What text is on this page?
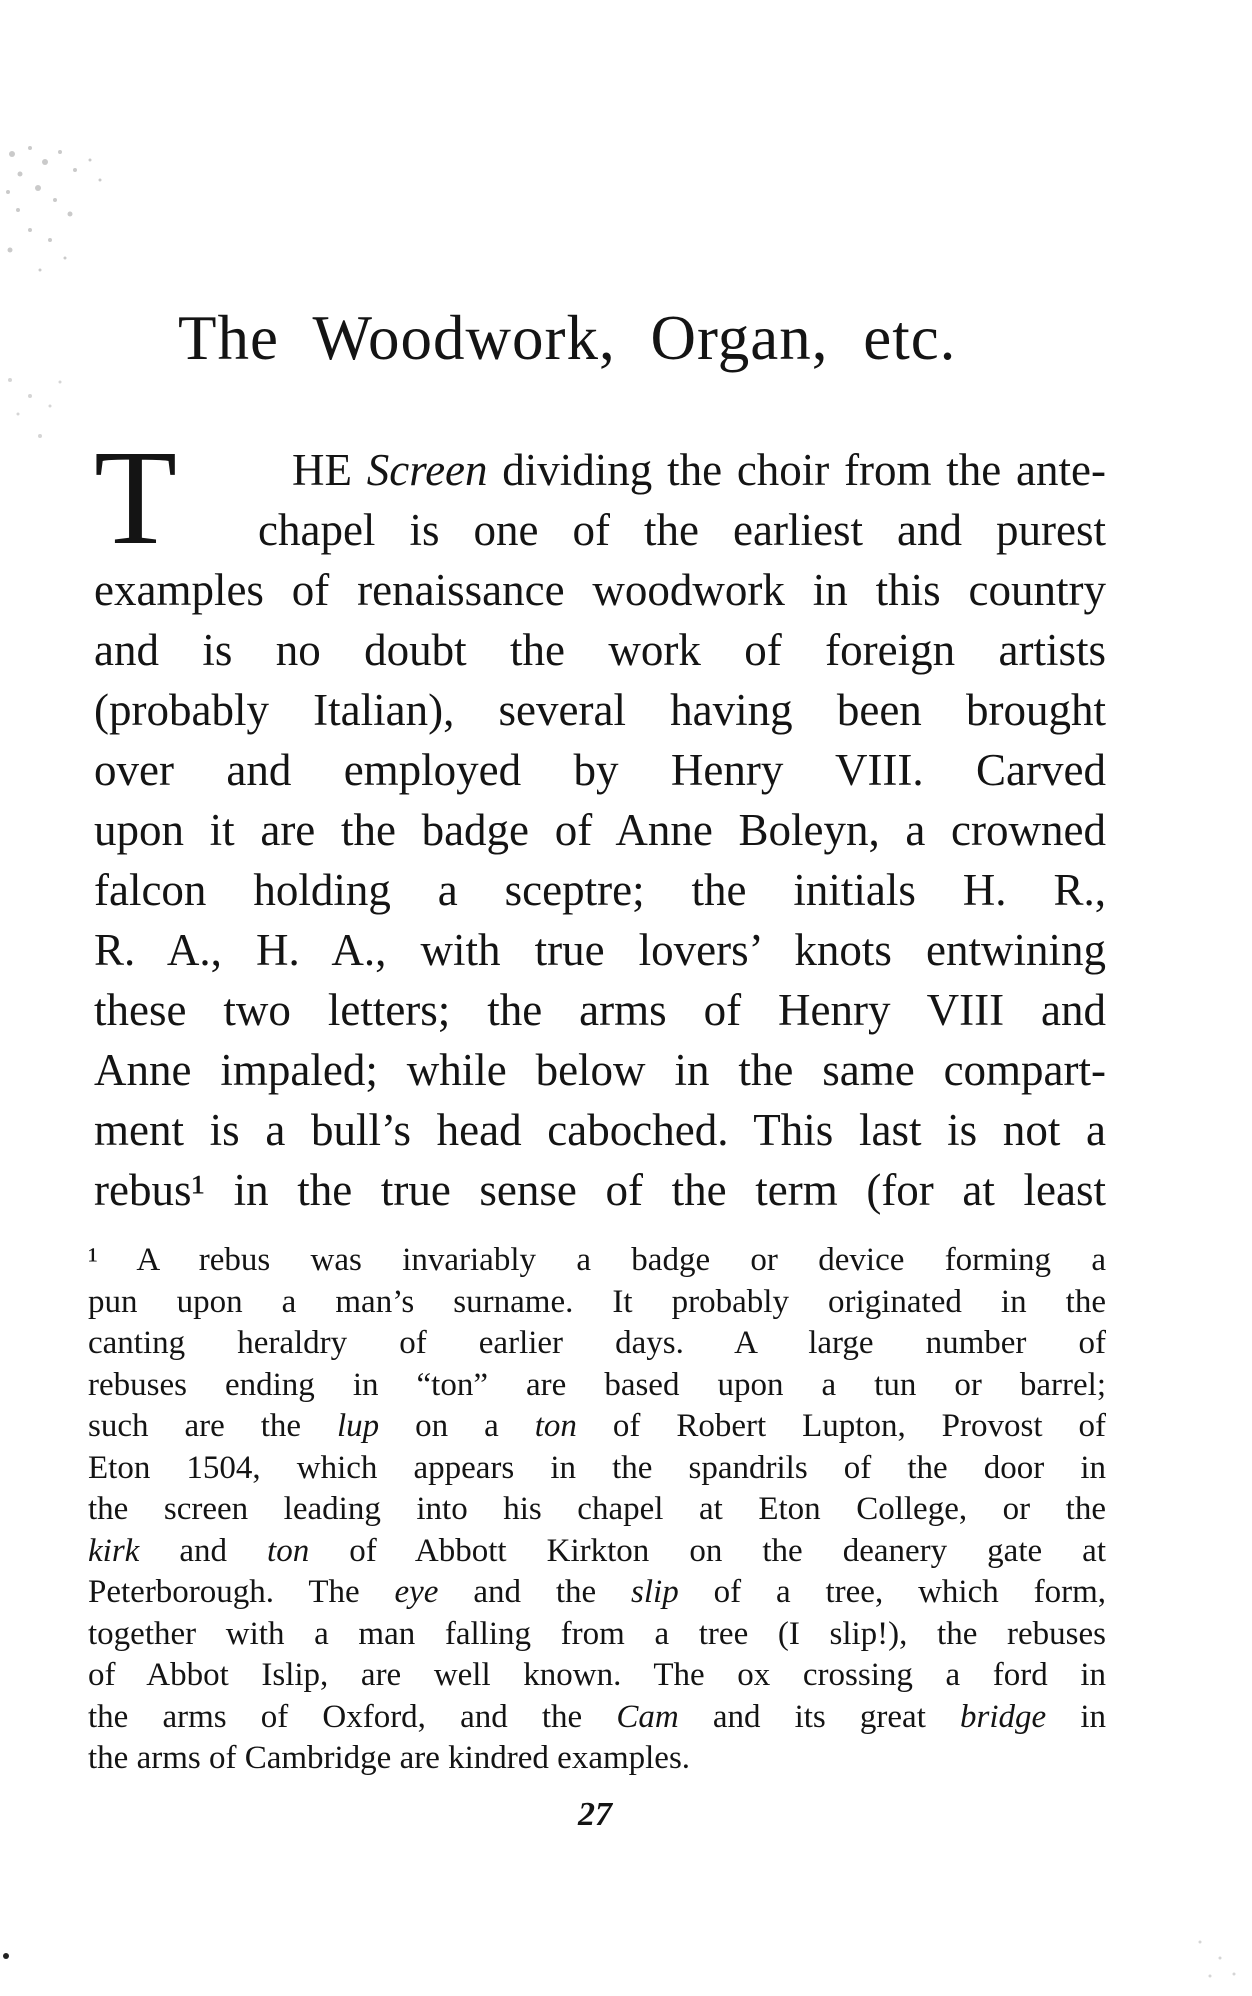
The Woodwork, Organ, etc.
T	HE Screen dividing the choir from the ante-
chapel is one of the earliest and purest
examples of renaissance woodwork in this country
and is no doubt the work of foreign artists
(probably Italian), several having been brought
over and employed by Henry VIII. Carved
upon it are the badge of Anne Boleyn, a crowned
falcon holding a sceptre; the initials H. R.,
R. A., H. A., with true lovers’ knots entwining
these two letters; the arms of Henry VIII and
Anne impaled; while below in the same compart-
ment is a bull’s head caboched. This last is not a
rebus¹ in the true sense of the term (for at least
¹ A rebus was invariably a badge or device forming a
pun upon a man’s surname. It probably originated in the
canting heraldry of earlier days. A large number of
rebuses ending in “ton” are based upon a tun or barrel;
such are the lup on a ton of Robert Lupton, Provost of
Eton 1504, which appears in the spandrils of the door in
the screen leading into his chapel at Eton College, or the
kirk and ton of Abbott Kirkton on the deanery gate at
Peterborough. The eye and the slip of a tree, which form,
together with a man falling from a tree (I slip!), the rebuses
of Abbot Islip, are well known. The ox crossing a ford in
the arms of Oxford, and the Cam and its great bridge in
the arms of Cambridge are kindred examples.
27
